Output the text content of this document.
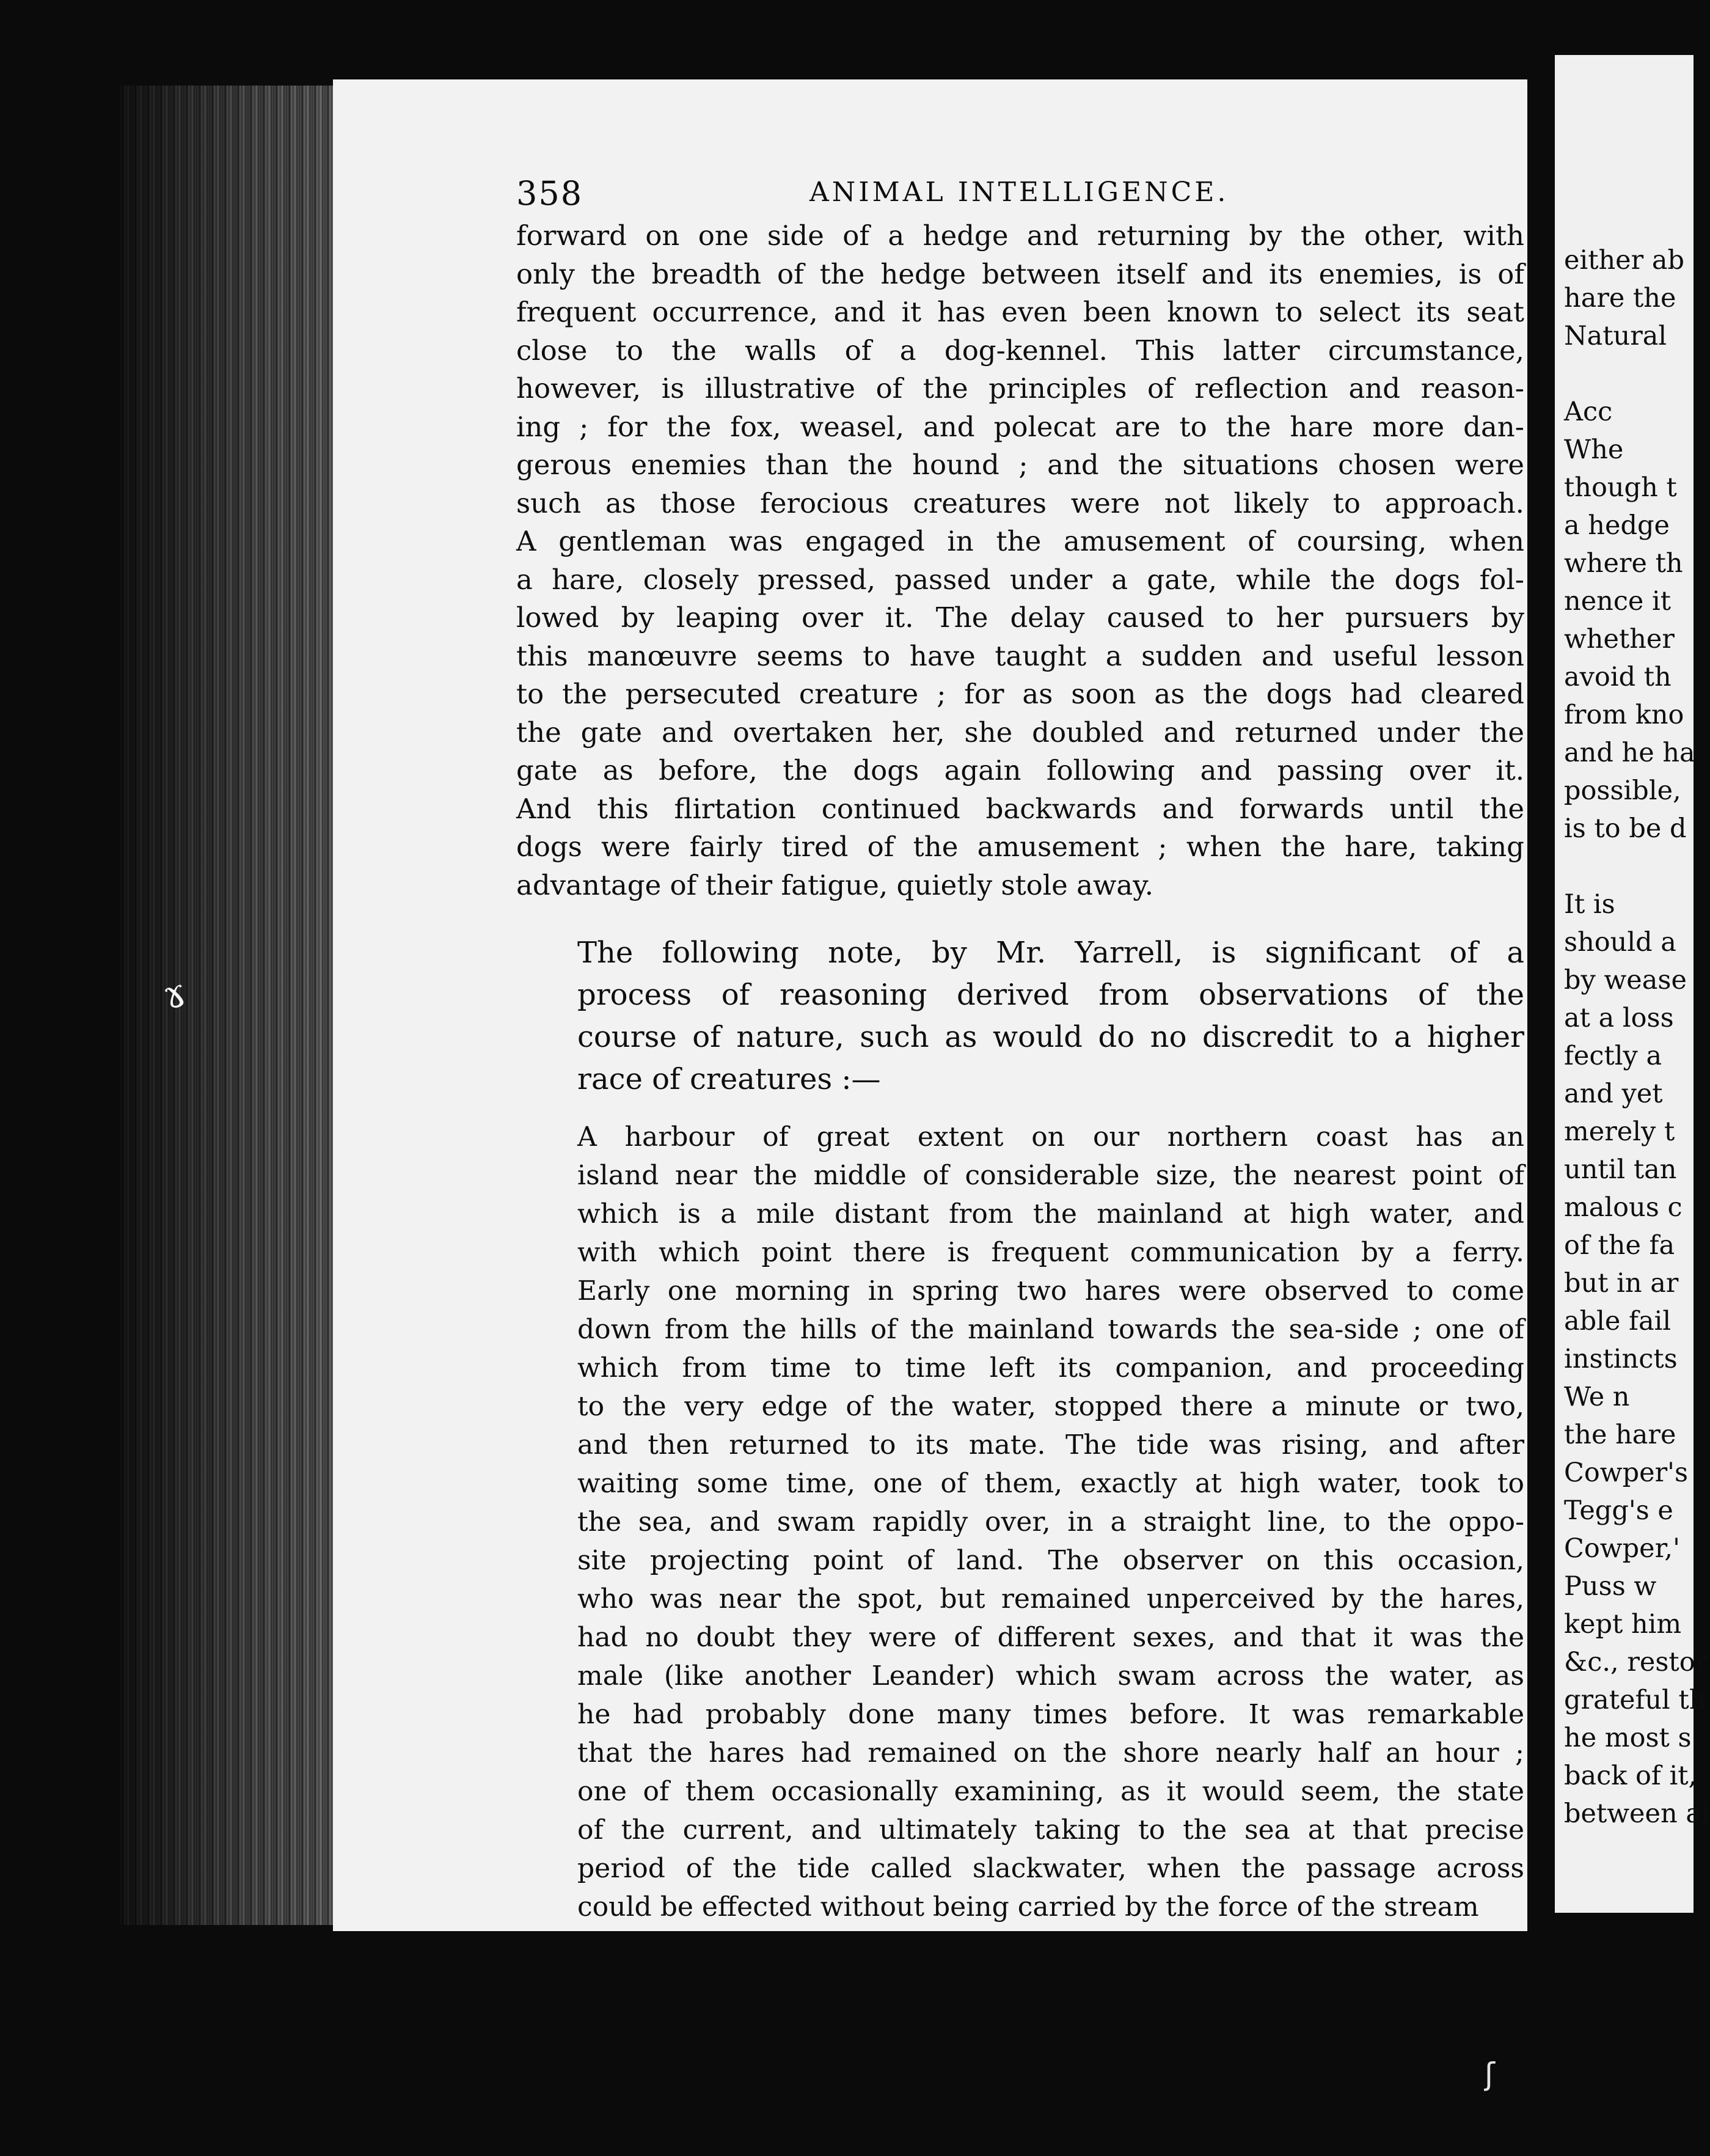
ɤ
358	ANIMAL INTELLIGENCE.

forward on one side of a hedge and returning by the other, with
only the breadth of the hedge between itself and its enemies, is of
frequent occurrence, and it has even been known to select its seat
close to the walls of a dog-kennel. This latter circumstance,
however, is illustrative of the principles of reflection and reason-
ing ; for the fox, weasel, and polecat are to the hare more dan-
gerous enemies than the hound ; and the situations chosen were
such as those ferocious creatures were not likely to approach.
A gentleman was engaged in the amusement of coursing, when
a hare, closely pressed, passed under a gate, while the dogs fol-
lowed by leaping over it. The delay caused to her pursuers by
this manœuvre seems to have taught a sudden and useful lesson
to the persecuted creature ; for as soon as the dogs had cleared
the gate and overtaken her, she doubled and returned under the
gate as before, the dogs again following and passing over it.
And this flirtation continued backwards and forwards until the
dogs were fairly tired of the amusement ; when the hare, taking
advantage of their fatigue, quietly stole away.

The following note, by Mr. Yarrell, is significant of a
process of reasoning derived from observations of the
course of nature, such as would do no discredit to a higher
race of creatures :—

A harbour of great extent on our northern coast has an
island near the middle of considerable size, the nearest point of
which is a mile distant from the mainland at high water, and
with which point there is frequent communication by a ferry.
Early one morning in spring two hares were observed to come
down from the hills of the mainland towards the sea-side ; one of
which from time to time left its companion, and proceeding
to the very edge of the water, stopped there a minute or two,
and then returned to its mate. The tide was rising, and after
waiting some time, one of them, exactly at high water, took to
the sea, and swam rapidly over, in a straight line, to the oppo-
site projecting point of land. The observer on this occasion,
who was near the spot, but remained unperceived by the hares,
had no doubt they were of different sexes, and that it was the
male (like another Leander) which swam across the water, as
he had probably done many times before. It was remarkable
that the hares had remained on the shore nearly half an hour ;
one of them occasionally examining, as it would seem, the state
of the current, and ultimately taking to the sea at that precise
period of the tide called slackwater, when the passage across
could be effected without being carried by the force of the stream

either ab
hare the
Natural

Acc
Whe
though t
a hedge
where th
nence it
whether
avoid th
from kno
and he ha
possible,
is to be d

It is
should a
by wease
at a loss
fectly a
and yet
merely t
until tan
malous c
of the fa
but in ar
able fail
instincts
We n
the hare
Cowper's
Tegg's e
Cowper,'
Puss w
kept him
&c., restor
grateful th
he most s
back of it,
between al
ʃ
